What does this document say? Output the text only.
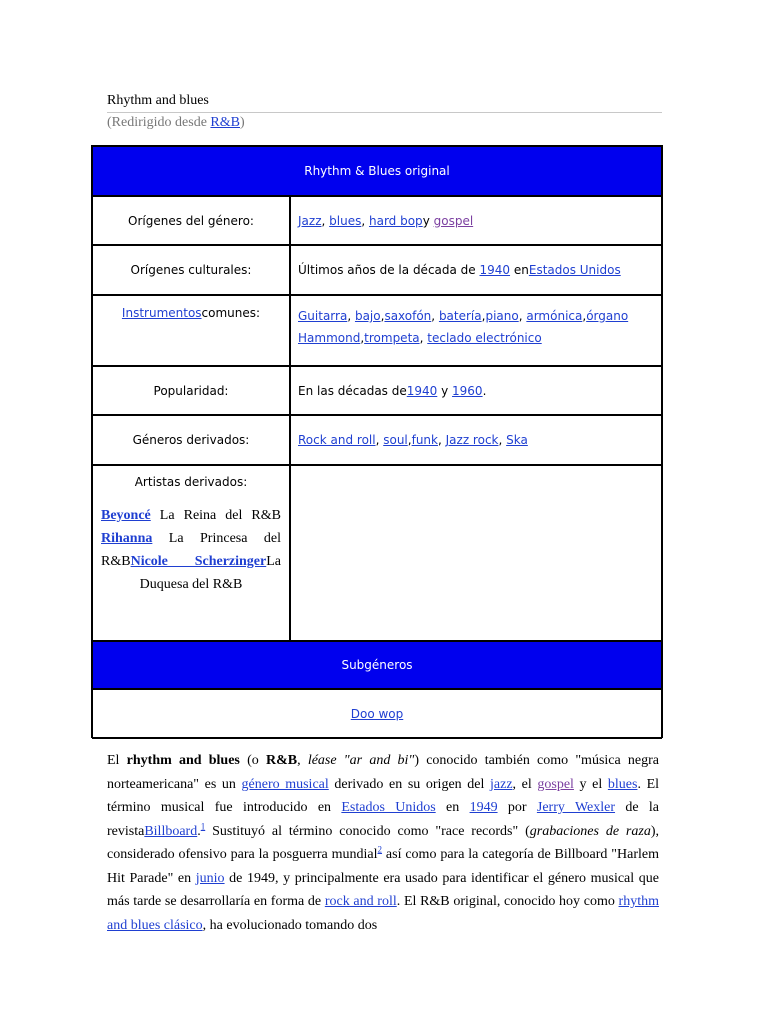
Rhythm and blues
(Redirigido desde R&B)
Rhythm & Blues original
Orígenes del género:	Jazz, blues, hard bopy gospel
Orígenes culturales:	Últimos años de la década de 1940 enEstados Unidos
Instrumentoscomunes:	Guitarra, bajo,saxofón, batería,piano, armónica,órgano Hammond,trompeta, teclado electrónico
Popularidad:	En las décadas de1940 y 1960.
Géneros derivados:	Rock and roll, soul,funk, Jazz rock, Ska
Artistas derivados:
Beyoncé La Reina del R&B Rihanna La Princesa del R&BNicole ScherzingerLa Duquesa del R&B
Subgéneros
Doo wop
El rhythm and blues (o R&B, léase "ar and bi") conocido también como "música negra norteamericana" es un género musical derivado en su origen del jazz, el gospel y el blues. El término musical fue introducido en Estados Unidos en 1949 por Jerry Wexler de la revistaBillboard.$^1$ Sustituyó al término conocido como "race records" (grabaciones de raza), considerado ofensivo para la posguerra mundial$^2$ así como para la categoría de Billboard "Harlem Hit Parade" en junio de 1949, y principalmente era usado para identificar el género musical que más tarde se desarrollaría en forma de rock and roll. El R&B original, conocido hoy como rhythm and blues clásico, ha evolucionado tomando dos
